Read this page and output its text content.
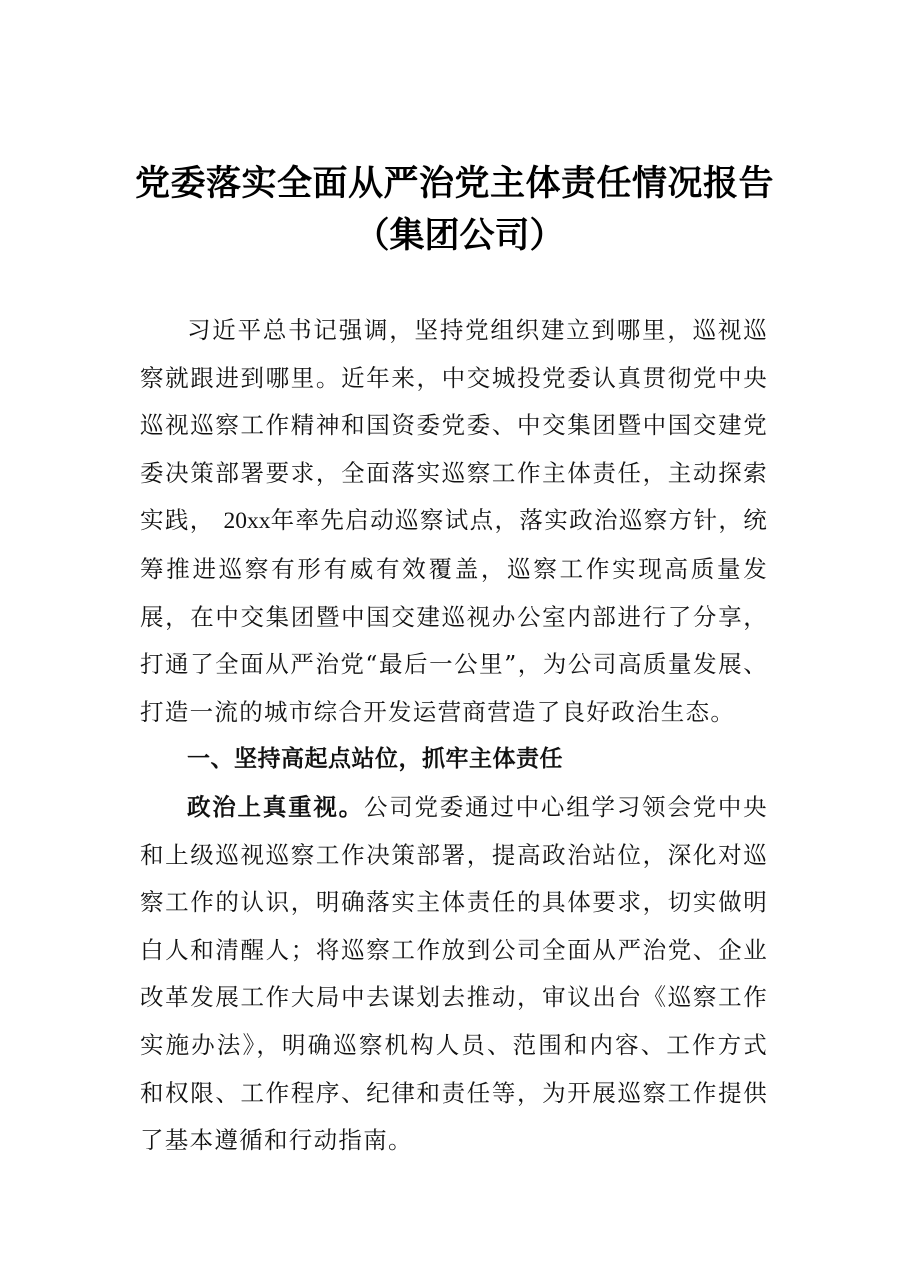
党委落实全面从严治党主体责任情况报告
（集团公司）

习近平总书记强调，坚持党组织建立到哪里，巡视巡察就跟进到哪里。近年来，中交城投党委认真贯彻党中央巡视巡察工作精神和国资委党委、中交集团暨中国交建党委决策部署要求，全面落实巡察工作主体责任，主动探索实践， 20xx年率先启动巡察试点，落实政治巡察方针，统筹推进巡察有形有威有效覆盖，巡察工作实现高质量发展，在中交集团暨中国交建巡视办公室内部进行了分享，打通了全面从严治党“最后一公里”，为公司高质量发展、打造一流的城市综合开发运营商营造了良好政治生态。

一、坚持高起点站位，抓牢主体责任

政治上真重视。公司党委通过中心组学习领会党中央和上级巡视巡察工作决策部署，提高政治站位，深化对巡察工作的认识，明确落实主体责任的具体要求，切实做明白人和清醒人；将巡察工作放到公司全面从严治党、企业改革发展工作大局中去谋划去推动，审议出台《巡察工作实施办法》，明确巡察机构人员、范围和内容、工作方式和权限、工作程序、纪律和责任等，为开展巡察工作提供了基本遵循和行动指南。
